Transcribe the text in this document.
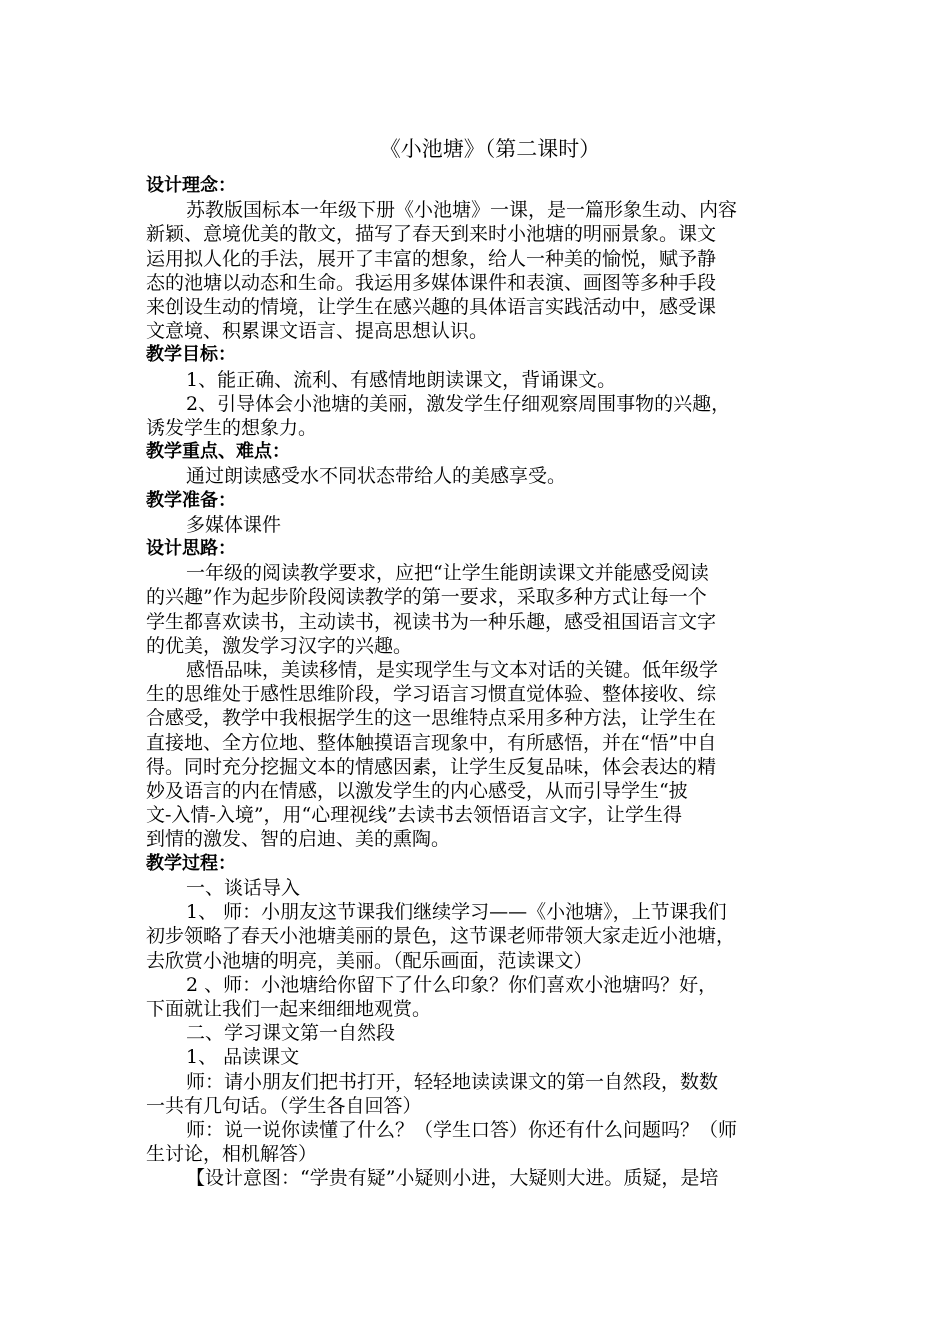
《小池塘》（第二课时）
设计理念：

苏教版国标本一年级下册《小池塘》一课，是一篇形象生动、内容

新颖、意境优美的散文，描写了春天到来时小池塘的明丽景象。课文

运用拟人化的手法，展开了丰富的想象，给人一种美的愉悦，赋予静

态的池塘以动态和生命。我运用多媒体课件和表演、画图等多种手段

来创设生动的情境，让学生在感兴趣的具体语言实践活动中，感受课

文意境、积累课文语言、提高思想认识。

教学目标：

1、能正确、流利、有感情地朗读课文，背诵课文。

2、引导体会小池塘的美丽，激发学生仔细观察周围事物的兴趣，

诱发学生的想象力。

教学重点、难点：

通过朗读感受水不同状态带给人的美感享受。

教学准备：

多媒体课件

设计思路：

一年级的阅读教学要求，应把“让学生能朗读课文并能感受阅读

的兴趣”作为起步阶段阅读教学的第一要求，采取多种方式让每一个

学生都喜欢读书，主动读书，视读书为一种乐趣，感受祖国语言文字

的优美，激发学习汉字的兴趣。

感悟品味，美读移情，是实现学生与文本对话的关键。低年级学

生的思维处于感性思维阶段，学习语言习惯直觉体验、整体接收、综

合感受，教学中我根据学生的这一思维特点采用多种方法，让学生在

直接地、全方位地、整体触摸语言现象中，有所感悟，并在“悟”中自

得。同时充分挖掘文本的情感因素，让学生反复品味，体会表达的精

妙及语言的内在情感，以激发学生的内心感受，从而引导学生“披

文-入情-入境”，用“心理视线”去读书去领悟语言文字，让学生得

到情的激发、智的启迪、美的熏陶。

教学过程：

一、谈话导入

1、 师：小朋友这节课我们继续学习——《小池塘》，上节课我们

初步领略了春天小池塘美丽的景色，这节课老师带领大家走近小池塘，

去欣赏小池塘的明亮，美丽。（配乐画面，范读课文）

2 、师：小池塘给你留下了什么印象？你们喜欢小池塘吗？好，

下面就让我们一起来细细地观赏。

二、学习课文第一自然段

1、 品读课文

师：请小朋友们把书打开，轻轻地读读课文的第一自然段，数数

一共有几句话。（学生各自回答）

师：说一说你读懂了什么？（学生口答）你还有什么问题吗？（师

生讨论，相机解答）

【设计意图：“学贵有疑”小疑则小进，大疑则大进。质疑，是培
